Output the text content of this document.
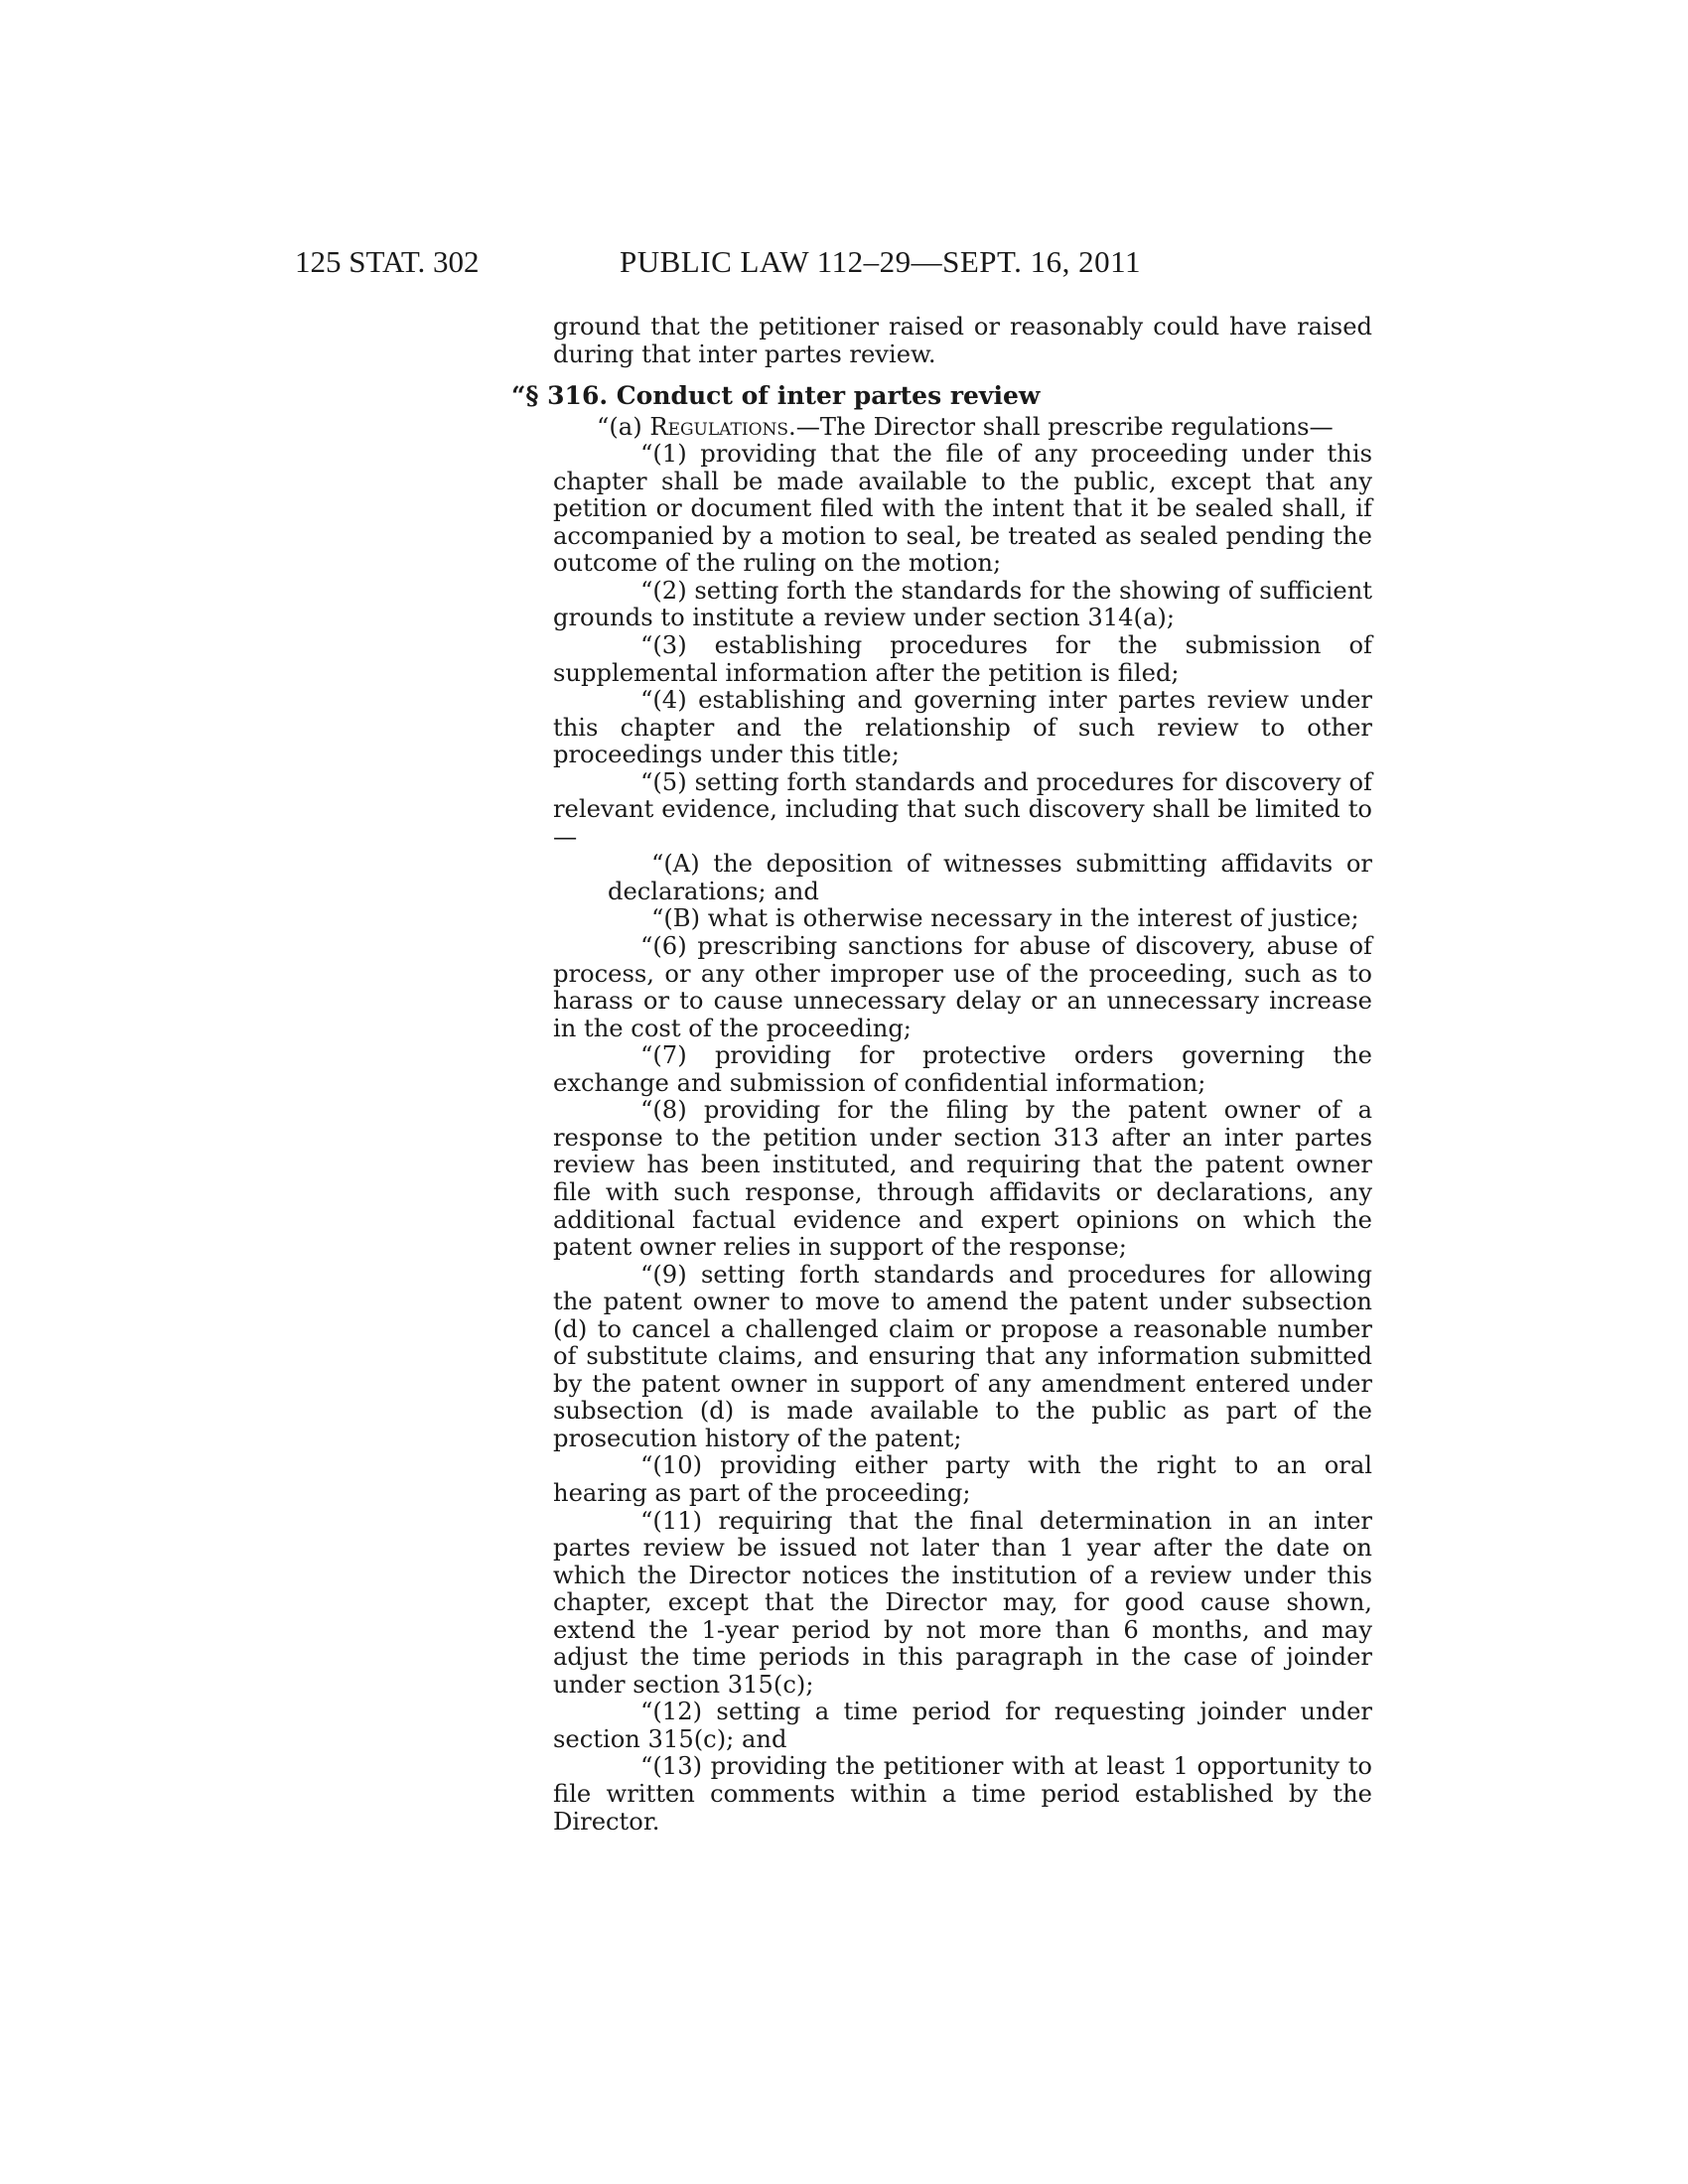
125 STAT. 302	PUBLIC LAW 112–29—SEPT. 16, 2011

ground that the petitioner raised or reasonably could have raised during that inter partes review.

“§ 316. Conduct of inter partes review

“(a) Regulations.—The Director shall prescribe regulations—

“(1) providing that the file of any proceeding under this chapter shall be made available to the public, except that any petition or document filed with the intent that it be sealed shall, if accompanied by a motion to seal, be treated as sealed pending the outcome of the ruling on the motion;

“(2) setting forth the standards for the showing of sufficient grounds to institute a review under section 314(a);

“(3) establishing procedures for the submission of supplemental information after the petition is filed;

“(4) establishing and governing inter partes review under this chapter and the relationship of such review to other proceedings under this title;

“(5) setting forth standards and procedures for discovery of relevant evidence, including that such discovery shall be limited to—

“(A) the deposition of witnesses submitting affidavits or declarations; and

“(B) what is otherwise necessary in the interest of justice;

“(6) prescribing sanctions for abuse of discovery, abuse of process, or any other improper use of the proceeding, such as to harass or to cause unnecessary delay or an unnecessary increase in the cost of the proceeding;

“(7) providing for protective orders governing the exchange and submission of confidential information;

“(8) providing for the filing by the patent owner of a response to the petition under section 313 after an inter partes review has been instituted, and requiring that the patent owner file with such response, through affidavits or declarations, any additional factual evidence and expert opinions on which the patent owner relies in support of the response;

“(9) setting forth standards and procedures for allowing the patent owner to move to amend the patent under subsection (d) to cancel a challenged claim or propose a reasonable number of substitute claims, and ensuring that any information submitted by the patent owner in support of any amendment entered under subsection (d) is made available to the public as part of the prosecution history of the patent;

“(10) providing either party with the right to an oral hearing as part of the proceeding;

“(11) requiring that the final determination in an inter partes review be issued not later than 1 year after the date on which the Director notices the institution of a review under this chapter, except that the Director may, for good cause shown, extend the 1-year period by not more than 6 months, and may adjust the time periods in this paragraph in the case of joinder under section 315(c);

“(12) setting a time period for requesting joinder under section 315(c); and

“(13) providing the petitioner with at least 1 opportunity to file written comments within a time period established by the Director.
